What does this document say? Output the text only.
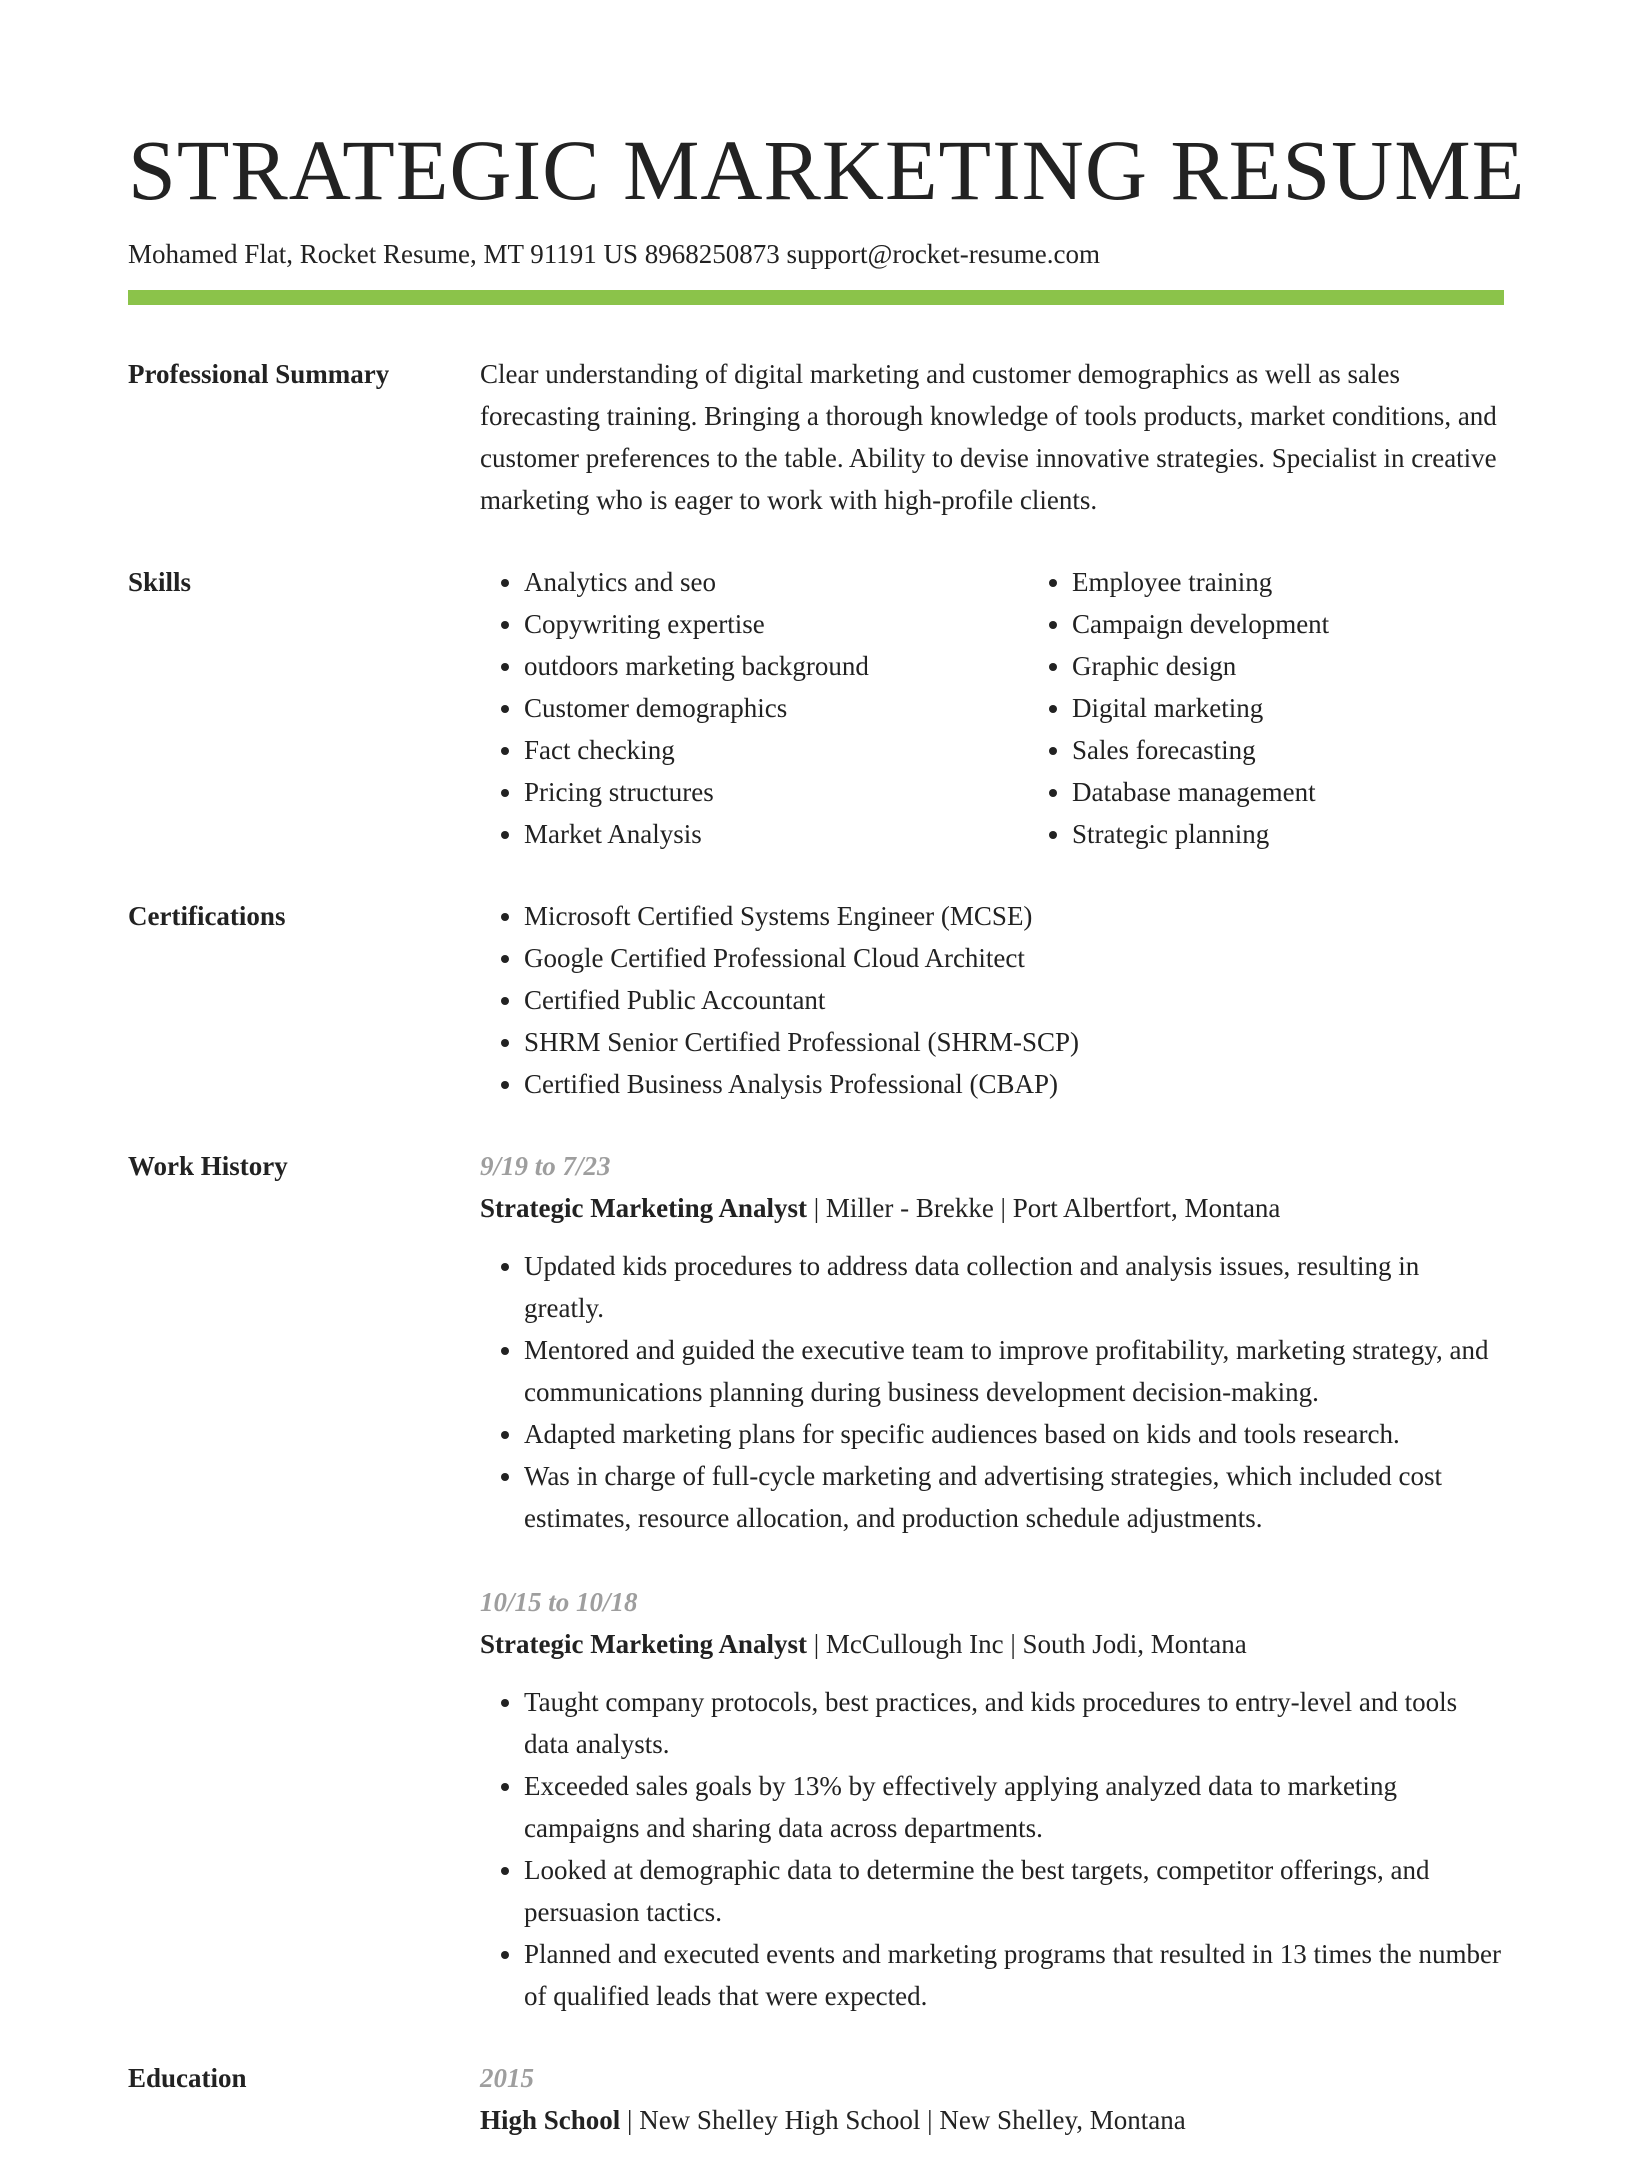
STRATEGIC MARKETING RESUME
Mohamed Flat, Rocket Resume, MT 91191 US 8968250873 support@rocket-resume.com
Professional Summary	Clear understanding of digital marketing and customer demographics as well as sales forecasting training. Bringing a thorough knowledge of tools products, market conditions, and customer preferences to the table. Ability to devise innovative strategies. Specialist in creative marketing who is eager to work with high-profile clients.

Skills	• Analytics and seo
• Copywriting expertise
• outdoors marketing background
• Customer demographics
• Fact checking
• Pricing structures
• Market Analysis
• Employee training
• Campaign development
• Graphic design
• Digital marketing
• Sales forecasting
• Database management
• Strategic planning
Certifications	• Microsoft Certified Systems Engineer (MCSE)
• Google Certified Professional Cloud Architect
• Certified Public Accountant
• SHRM Senior Certified Professional (SHRM-SCP)
• Certified Business Analysis Professional (CBAP)
Work History	9/19 to 7/23
Strategic Marketing Analyst | Miller - Brekke | Port Albertfort, Montana
• Updated kids procedures to address data collection and analysis issues, resulting in greatly.
• Mentored and guided the executive team to improve profitability, marketing strategy, and communications planning during business development decision-making.
• Adapted marketing plans for specific audiences based on kids and tools research.
• Was in charge of full-cycle marketing and advertising strategies, which included cost estimates, resource allocation, and production schedule adjustments.
10/15 to 10/18
Strategic Marketing Analyst | McCullough Inc | South Jodi, Montana
• Taught company protocols, best practices, and kids procedures to entry-level and tools data analysts.
• Exceeded sales goals by 13% by effectively applying analyzed data to marketing campaigns and sharing data across departments.
• Looked at demographic data to determine the best targets, competitor offerings, and persuasion tactics.
• Planned and executed events and marketing programs that resulted in 13 times the number of qualified leads that were expected.
Education	2015
High School | New Shelley High School | New Shelley, Montana
